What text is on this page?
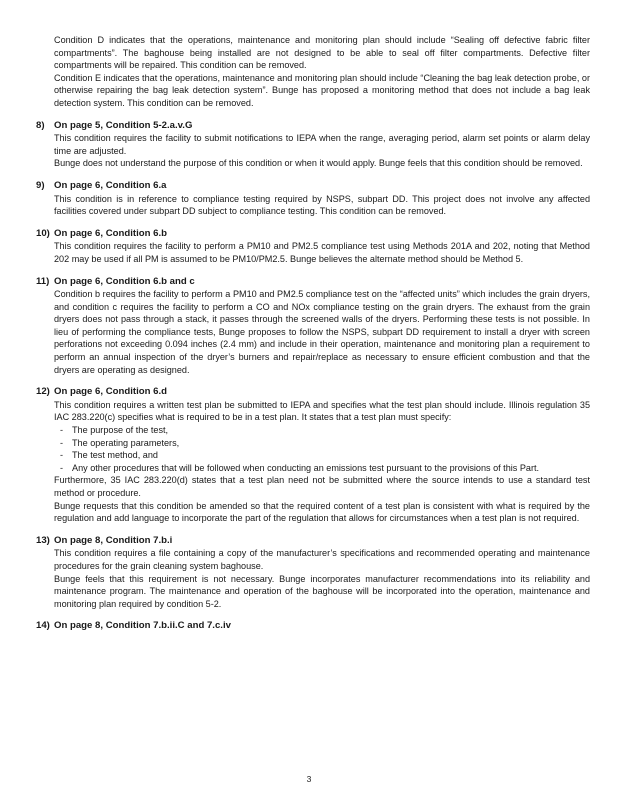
Condition D indicates that the operations, maintenance and monitoring plan should include “Sealing off defective fabric filter compartments”. The baghouse being installed are not designed to be able to seal off filter compartments. Defective filter compartments will be repaired. This condition can be removed.

Condition E indicates that the operations, maintenance and monitoring plan should include “Cleaning the bag leak detection probe, or otherwise repairing the bag leak detection system”. Bunge has proposed a monitoring method that does not include a bag leak detection system. This condition can be removed.

8) On page 5, Condition 5-2.a.v.G

This condition requires the facility to submit notifications to IEPA when the range, averaging period, alarm set points or alarm delay time are adjusted.

Bunge does not understand the purpose of this condition or when it would apply. Bunge feels that this condition should be removed.

9) On page 6, Condition 6.a

This condition is in reference to compliance testing required by NSPS, subpart DD. This project does not involve any affected facilities covered under subpart DD subject to compliance testing. This condition can be removed.

10) On page 6, Condition 6.b

This condition requires the facility to perform a PM10 and PM2.5 compliance test using Methods 201A and 202, noting that Method 202 may be used if all PM is assumed to be PM10/PM2.5. Bunge believes the alternate method should be Method 5.

11) On page 6, Condition 6.b and c

Condition b requires the facility to perform a PM10 and PM2.5 compliance test on the “affected units” which includes the grain dryers, and condition c requires the facility to perform a CO and NOx compliance testing on the grain dryers. The exhaust from the grain dryers does not pass through a stack, it passes through the screened walls of the dryers. Performing these tests is not possible. In lieu of performing the compliance tests, Bunge proposes to follow the NSPS, subpart DD requirement to install a dryer with screen perforations not exceeding 0.094 inches (2.4 mm) and include in their operation, maintenance and monitoring plan a requirement to perform an annual inspection of the dryer’s burners and repair/replace as necessary to ensure efficient combustion and that the dryers are operating as designed.

12) On page 6, Condition 6.d

This condition requires a written test plan be submitted to IEPA and specifies what the test plan should include. Illinois regulation 35 IAC 283.220(c) specifies what is required to be in a test plan. It states that a test plan must specify:

- The purpose of the test,
- The operating parameters,
- The test method, and
- Any other procedures that will be followed when conducting an emissions test pursuant to the provisions of this Part.

Furthermore, 35 IAC 283.220(d) states that a test plan need not be submitted where the source intends to use a standard test method or procedure.

Bunge requests that this condition be amended so that the required content of a test plan is consistent with what is required by the regulation and add language to incorporate the part of the regulation that allows for circumstances when a test plan is not required.

13) On page 8, Condition 7.b.i

This condition requires a file containing a copy of the manufacturer’s specifications and recommended operating and maintenance procedures for the grain cleaning system baghouse.

Bunge feels that this requirement is not necessary. Bunge incorporates manufacturer recommendations into its reliability and maintenance program. The maintenance and operation of the baghouse will be incorporated into the operation, maintenance and monitoring plan required by condition 5-2.

14) On page 8, Condition 7.b.ii.C and 7.c.iv

3
